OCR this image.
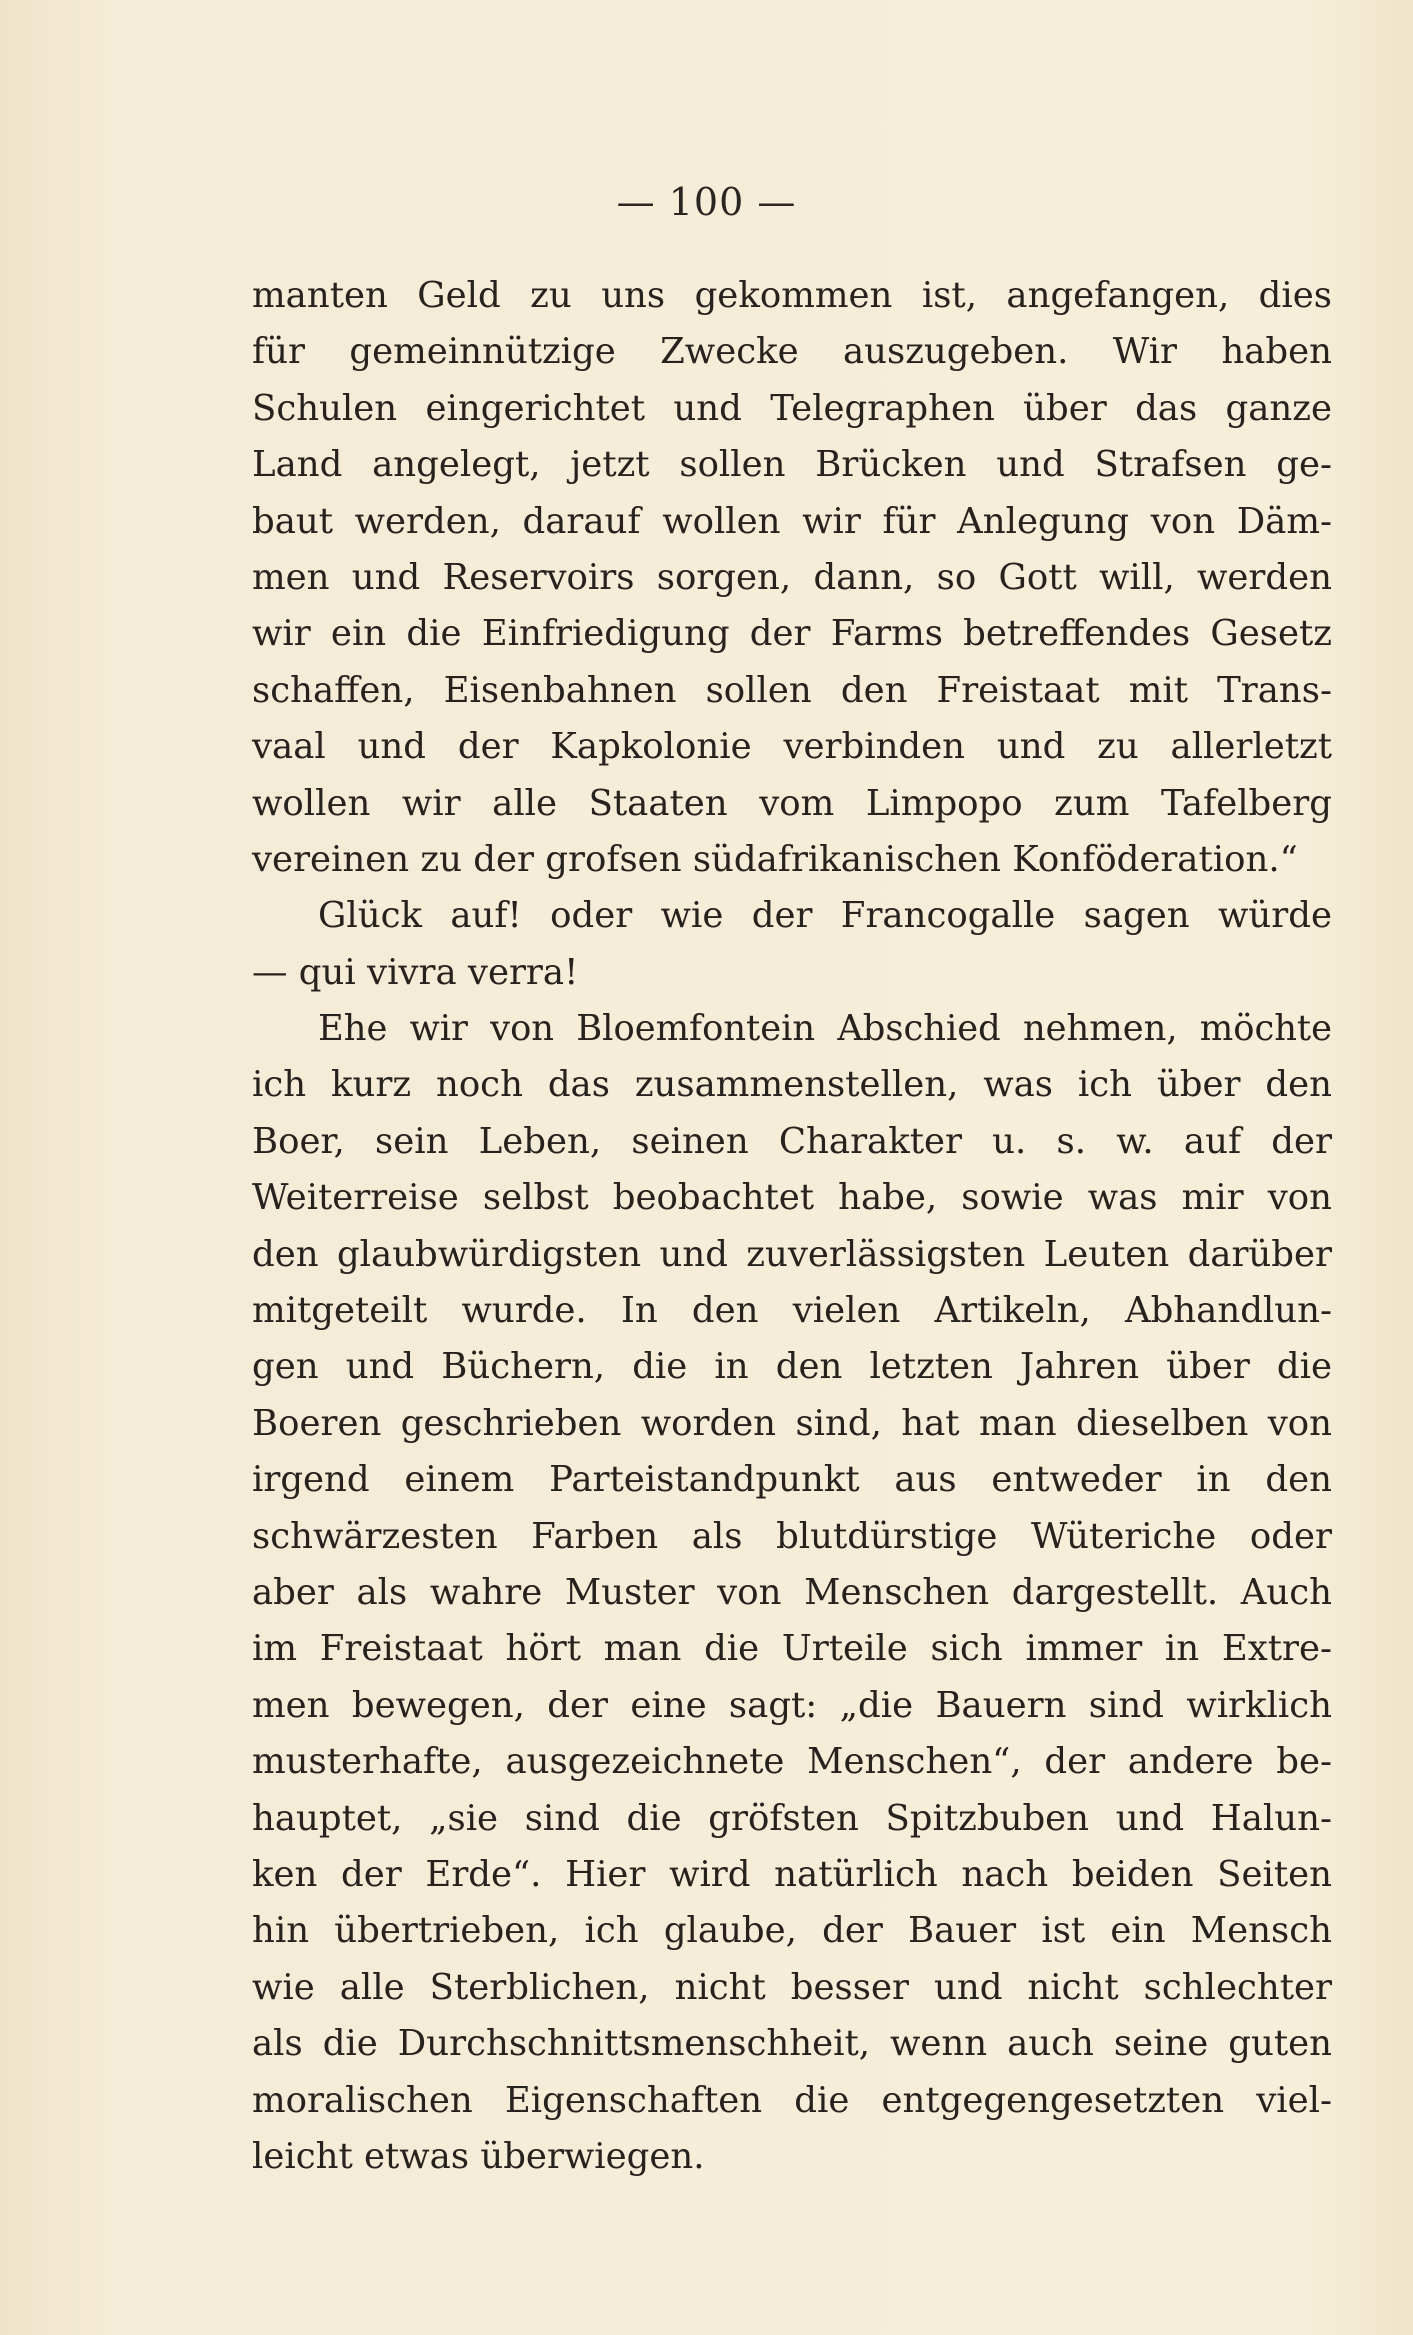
— 100 —
manten Geld zu uns gekommen ist, angefangen, dies
für gemeinnützige Zwecke auszugeben. Wir haben
Schulen eingerichtet und Telegraphen über das ganze
Land angelegt, jetzt sollen Brücken und Strafsen ge-
baut werden, darauf wollen wir für Anlegung von Däm-
men und Reservoirs sorgen, dann, so Gott will, werden
wir ein die Einfriedigung der Farms betreffendes Gesetz
schaffen, Eisenbahnen sollen den Freistaat mit Trans-
vaal und der Kapkolonie verbinden und zu allerletzt
wollen wir alle Staaten vom Limpopo zum Tafelberg
vereinen zu der grofsen südafrikanischen Konföderation.“
Glück auf! oder wie der Francogalle sagen würde
— qui vivra verra!
Ehe wir von Bloemfontein Abschied nehmen, möchte
ich kurz noch das zusammenstellen, was ich über den
Boer, sein Leben, seinen Charakter u. s. w. auf der
Weiterreise selbst beobachtet habe, sowie was mir von
den glaubwürdigsten und zuverlässigsten Leuten darüber
mitgeteilt wurde. In den vielen Artikeln, Abhandlun-
gen und Büchern, die in den letzten Jahren über die
Boeren geschrieben worden sind, hat man dieselben von
irgend einem Parteistandpunkt aus entweder in den
schwärzesten Farben als blutdürstige Wüteriche oder
aber als wahre Muster von Menschen dargestellt. Auch
im Freistaat hört man die Urteile sich immer in Extre-
men bewegen, der eine sagt: „die Bauern sind wirklich
musterhafte, ausgezeichnete Menschen“, der andere be-
hauptet, „sie sind die gröfsten Spitzbuben und Halun-
ken der Erde“. Hier wird natürlich nach beiden Seiten
hin übertrieben, ich glaube, der Bauer ist ein Mensch
wie alle Sterblichen, nicht besser und nicht schlechter
als die Durchschnittsmenschheit, wenn auch seine guten
moralischen Eigenschaften die entgegengesetzten viel-
leicht etwas überwiegen.
